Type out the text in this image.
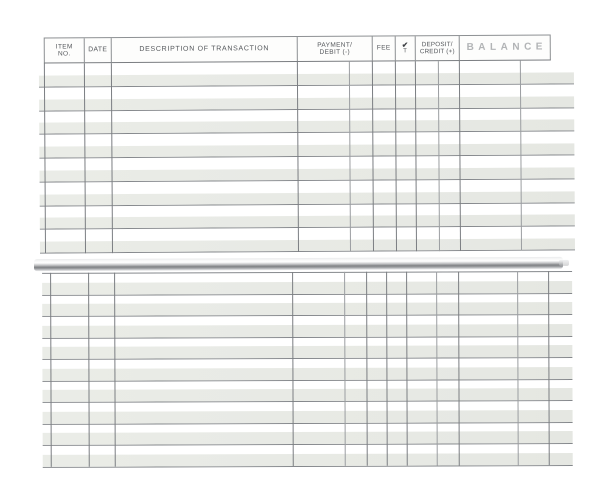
ITEM
NO.
DATE	DESCRIPTION OF TRANSACTION
PAYMENT/
DEBIT (-)
FEE ✔
T
DEPOSIT/
CREDIT (+)	BALANCE
